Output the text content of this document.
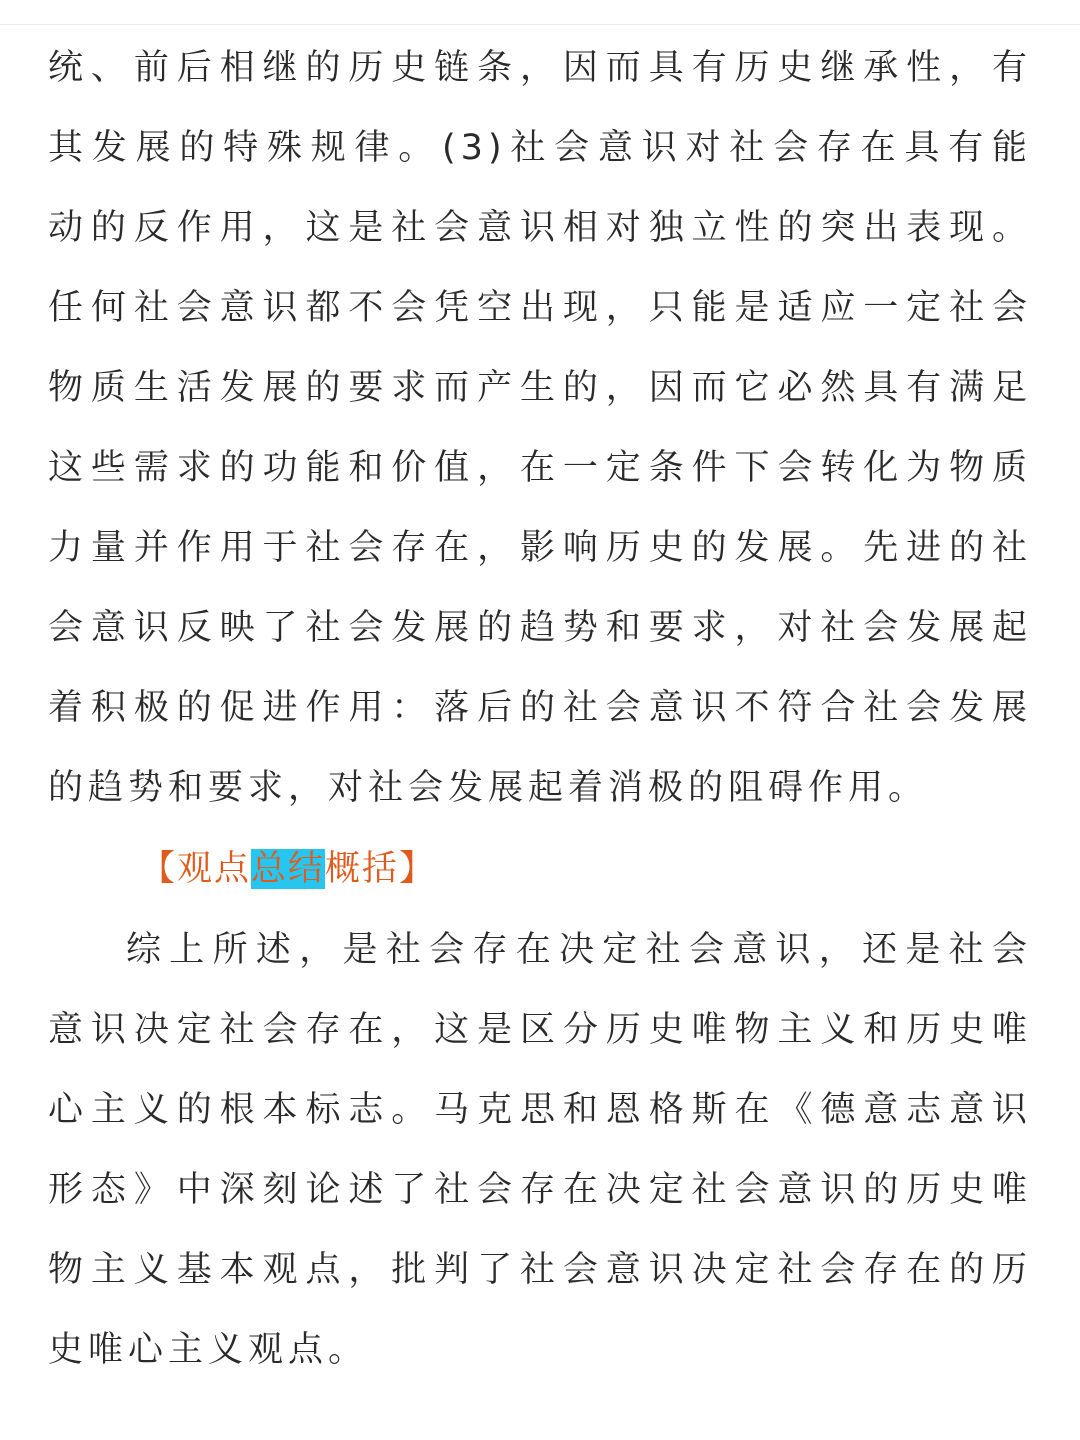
统、前后相继的历史链条，因而具有历史继承性，有
其发展的特殊规律。(3)社会意识对社会存在具有能
动的反作用，这是社会意识相对独立性的突出表现。
任何社会意识都不会凭空出现，只能是适应一定社会
物质生活发展的要求而产生的，因而它必然具有满足
这些需求的功能和价值，在一定条件下会转化为物质
力量并作用于社会存在，影响历史的发展。先进的社
会意识反映了社会发展的趋势和要求，对社会发展起
着积极的促进作用：落后的社会意识不符合社会发展
的趋势和要求，对社会发展起着消极的阻碍作用。
【观点总结概括】
综上所述，是社会存在决定社会意识，还是社会
意识决定社会存在，这是区分历史唯物主义和历史唯
心主义的根本标志。马克思和恩格斯在《德意志意识
形态》中深刻论述了社会存在决定社会意识的历史唯
物主义基本观点，批判了社会意识决定社会存在的历
史唯心主义观点。
